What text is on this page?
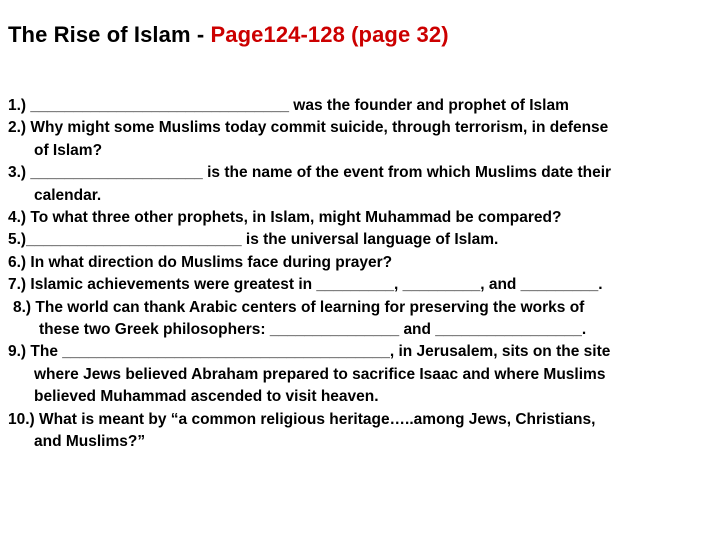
The Rise of Islam - Page124-128 (page 32)
1.) ______________________________ was the founder and prophet of Islam
2.) Why might some Muslims today commit suicide, through terrorism, in defense
of Islam?
3.) ____________________ is the name of the event from which Muslims date their
calendar.
4.) To what three other prophets, in Islam, might Muhammad be compared?
5.)_________________________ is the universal language of Islam.
6.) In what direction do Muslims face during prayer?
7.) Islamic achievements were greatest in _________, _________, and _________.
8.) The world can thank Arabic centers of learning for preserving the works of
these two Greek philosophers: _______________ and _________________.
9.) The ______________________________________, in Jerusalem, sits on the site
where Jews believed Abraham prepared to sacrifice Isaac and where Muslims
believed Muhammad ascended to visit heaven.
10.) What is meant by “a common religious heritage…..among Jews, Christians,
and Muslims?”
